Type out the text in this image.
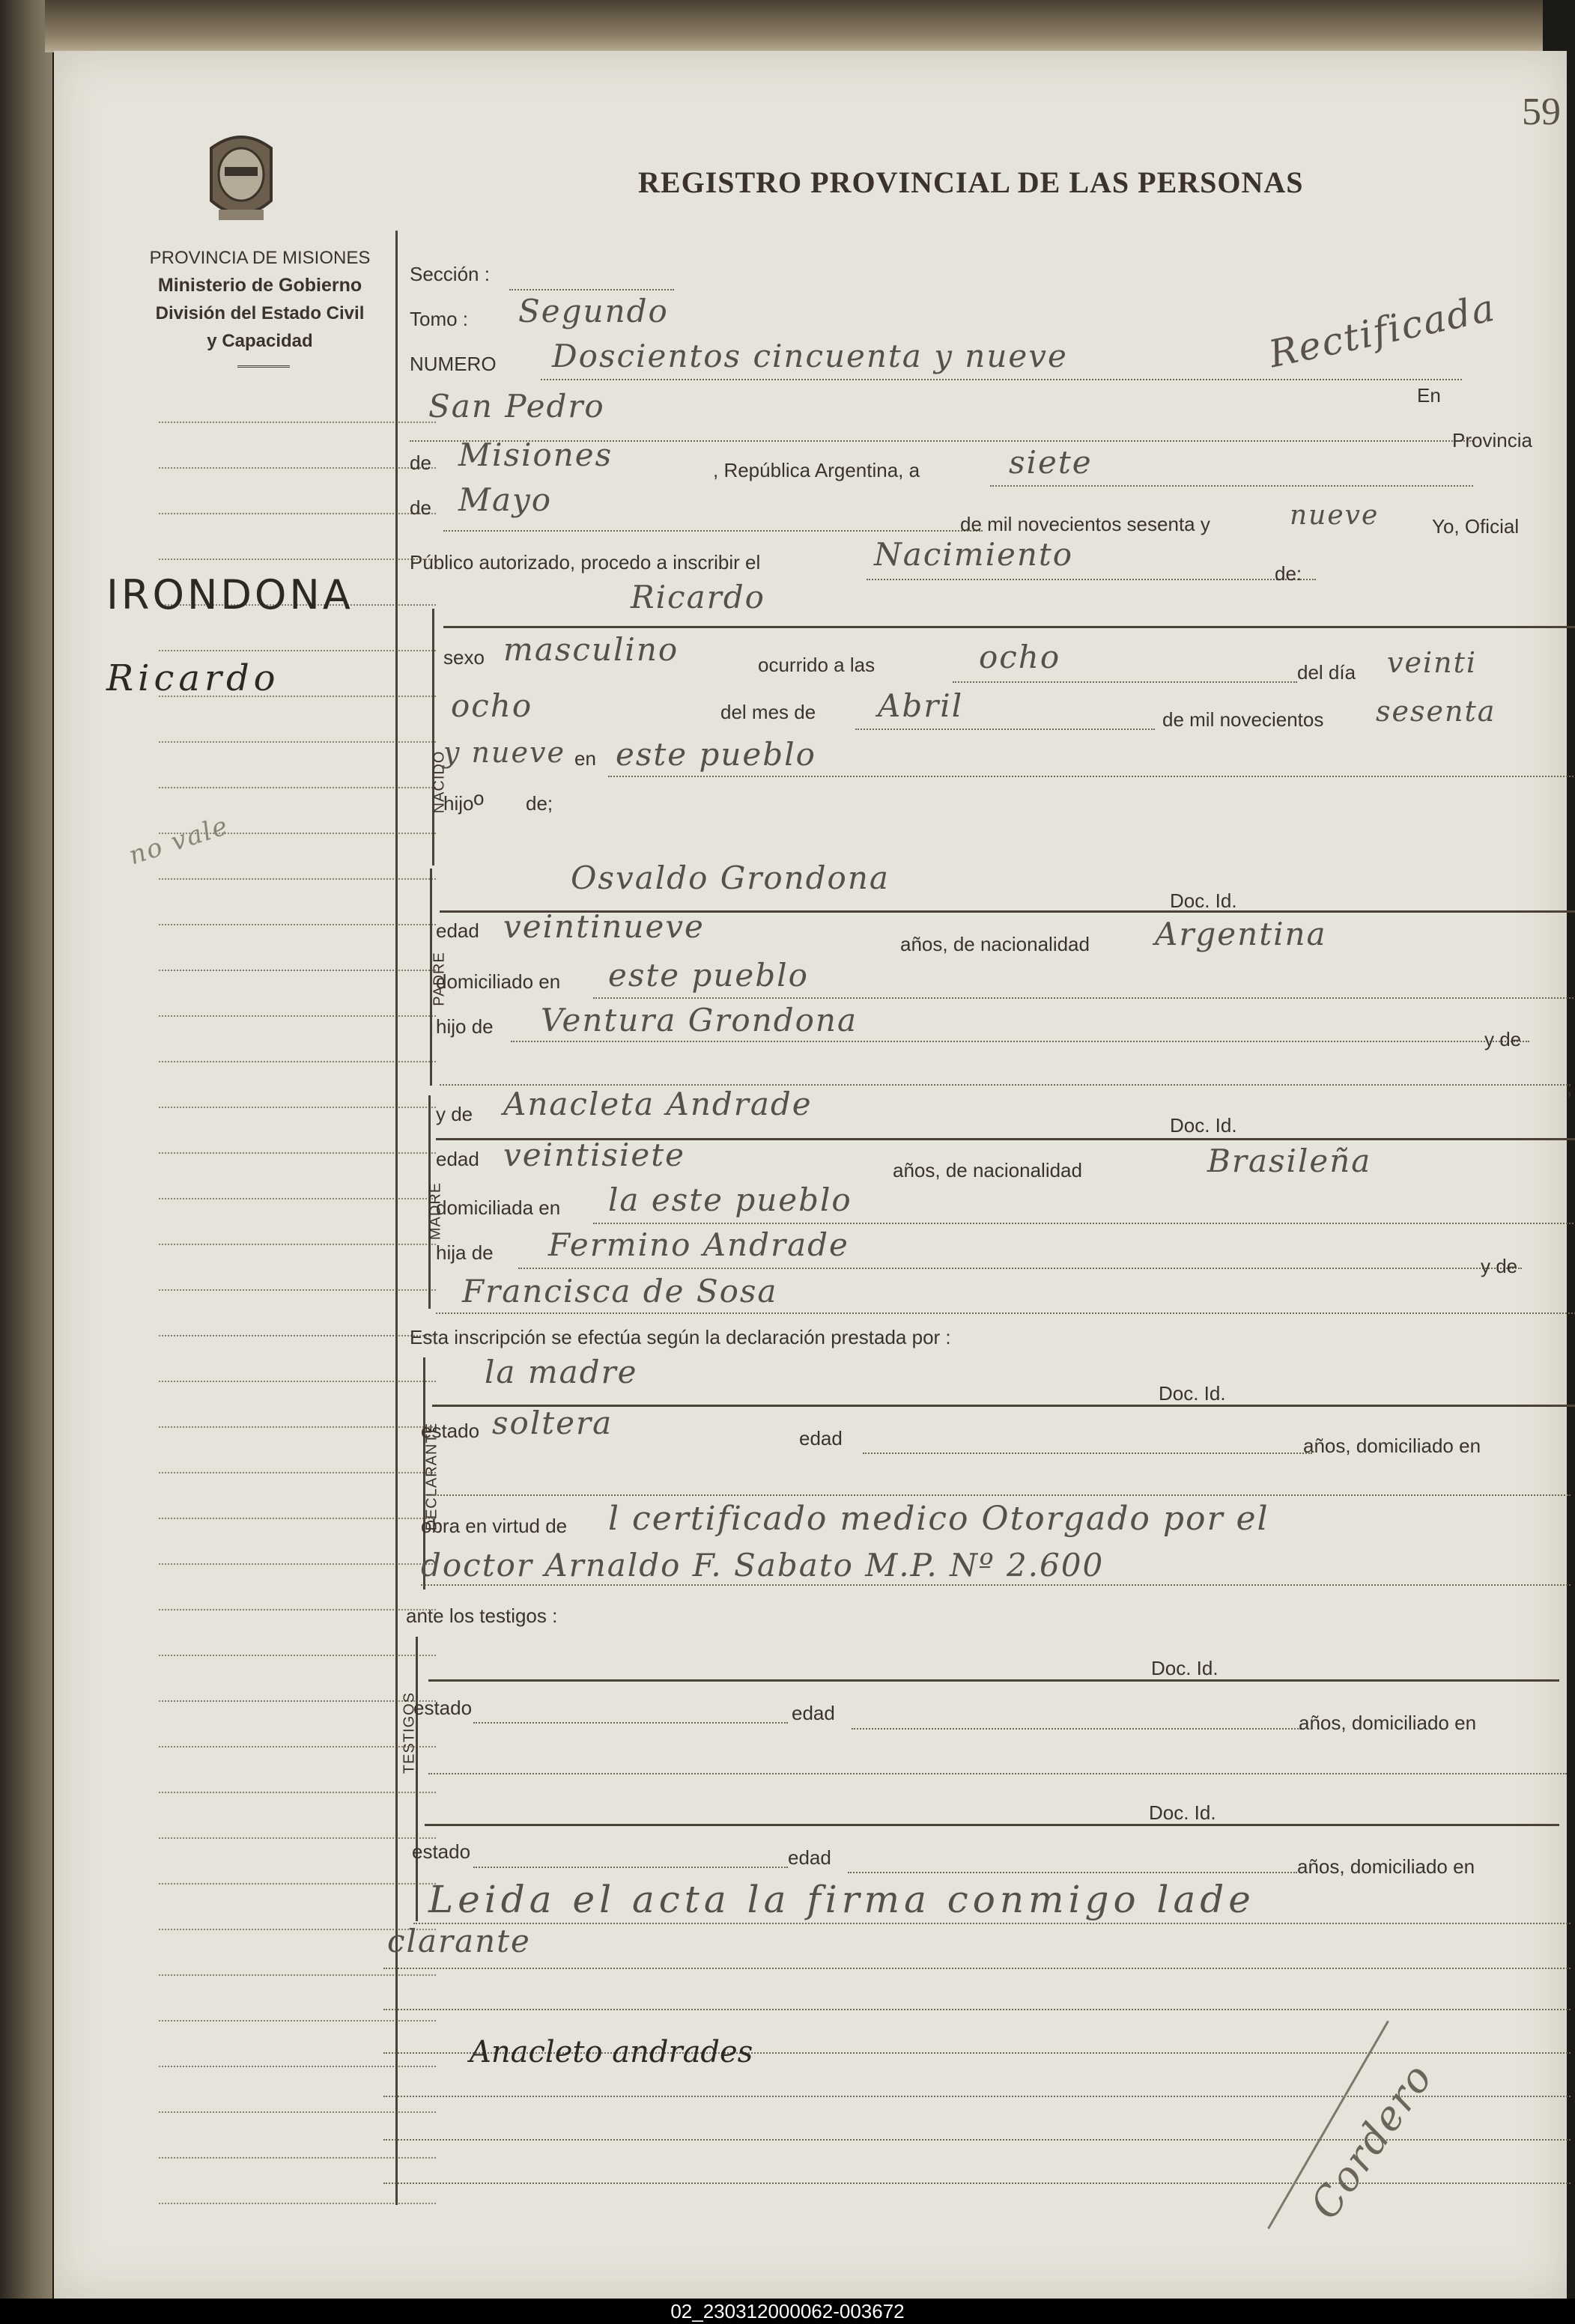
59
PROVINCIA DE MISIONES
Ministerio de Gobierno
División del Estado Civil
y Capacidad
REGISTRO PROVINCIAL DE LAS PERSONAS
Rectificada
IRONDONA
Ricardo
no vale
Sección :
Tomo : Segundo
NUMERO Doscientos cincuenta y nueve
En
San Pedro
Provincia
de Misiones	, República Argentina, a	siete
de Mayo
de mil novecientos sesenta y	nueve	Yo, Oficial
Público autorizado, procedo a inscribir el	Nacimiento
de:
NACIDO
Ricardo
sexo masculino	ocurrido a las	ocho	del día veinti
ocho	del mes de Abril	de mil novecientos sesenta
y nueve en este pueblo
hijo o de;
PADRE
Osvaldo Grondona
Doc. Id.
edad veintinueve	años, de nacionalidad Argentina
domiciliado en este pueblo
hijo de Ventura Grondona
y de
;
MADRE
y de Anacleta Andrade
Doc. Id.
edad veintisiete	años, de nacionalidad	Brasileña
domiciliada en la este pueblo
hija de Fermino Andrade
y de
Francisca de Sosa
Esta inscripción se efectúa según la declaración prestada por :
DECLARANTE
la madre
Doc. Id.
estado soltera	edad	años, domiciliado en
obra en virtud de l certificado medico Otorgado por el
doctor Arnaldo F. Sabato M.P. Nº 2.600
ante los testigos :
TESTIGOS
Doc. Id.
estado	edad	años, domiciliado en
Doc. Id.
estado	edad	años, domiciliado en
Leida el acta la firma conmigo lade
clarante
Anacleto andrades
Cordero
02_230312000062-003672
